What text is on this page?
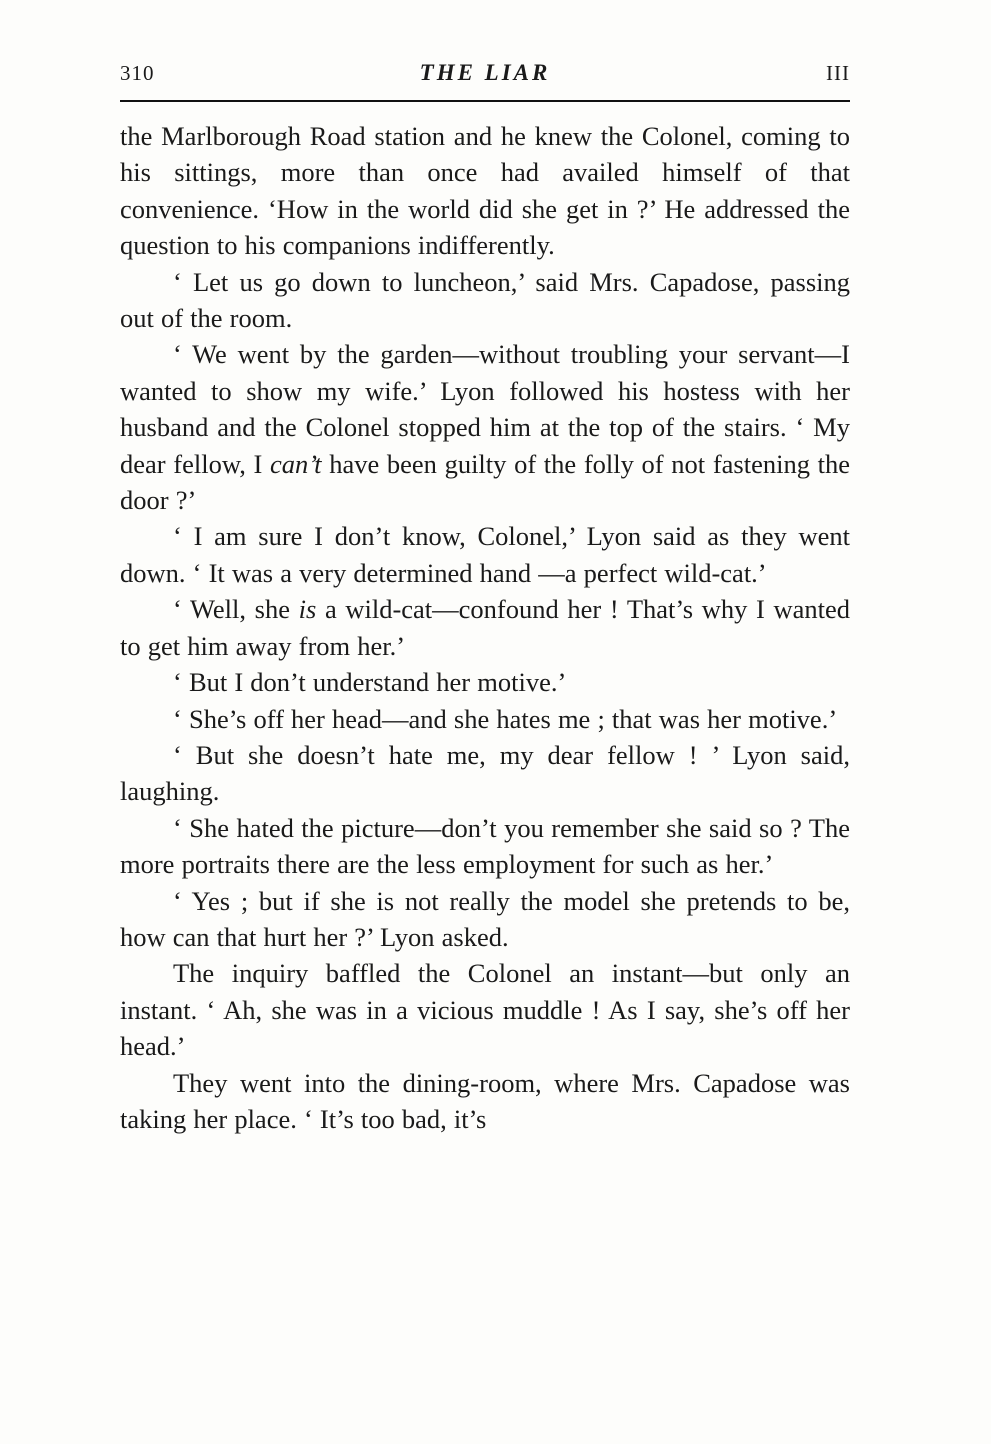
310	THE LIAR	III

the Marlborough Road station and he knew the Colonel, coming to his sittings, more than once had availed himself of that convenience. ‘How in the world did she get in ?’ He addressed the question to his companions indifferently.

‘ Let us go down to luncheon,’ said Mrs. Capadose, passing out of the room.

‘ We went by the garden—without troubling your servant—I wanted to show my wife.’ Lyon followed his hostess with her husband and the Colonel stopped him at the top of the stairs. ‘ My dear fellow, I can’t have been guilty of the folly of not fastening the door ?’

‘ I am sure I don’t know, Colonel,’ Lyon said as they went down. ‘ It was a very determined hand —a perfect wild-cat.’

‘ Well, she is a wild-cat—confound her ! That’s why I wanted to get him away from her.’

‘ But I don’t understand her motive.’

‘ She’s off her head—and she hates me ; that was her motive.’

‘ But she doesn’t hate me, my dear fellow ! ’ Lyon said, laughing.

‘ She hated the picture—don’t you remember she said so ? The more portraits there are the less employment for such as her.’

‘ Yes ; but if she is not really the model she pretends to be, how can that hurt her ?’ Lyon asked.

The inquiry baffled the Colonel an instant—but only an instant. ‘ Ah, she was in a vicious muddle ! As I say, she’s off her head.’

They went into the dining-room, where Mrs. Capadose was taking her place. ‘ It’s too bad, it’s
